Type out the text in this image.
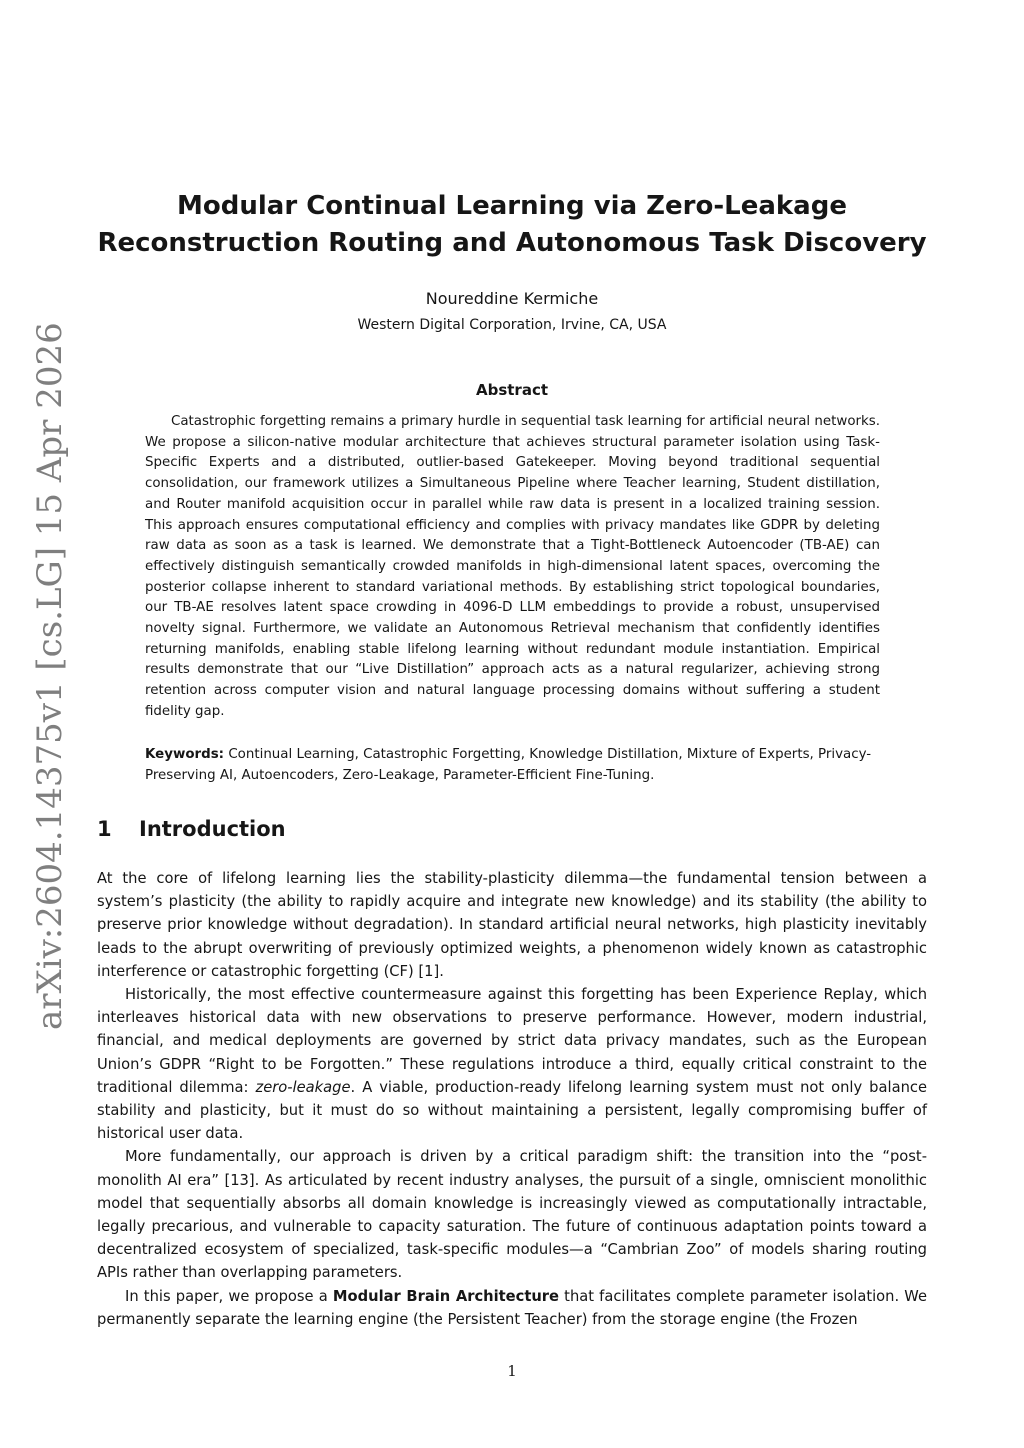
arXiv:2604.14375v1 [cs.LG] 15 Apr 2026
Modular Continual Learning via Zero-Leakage
Reconstruction Routing and Autonomous Task Discovery
Noureddine Kermiche
Western Digital Corporation, Irvine, CA, USA
Abstract

Catastrophic forgetting remains a primary hurdle in sequential task learning for artificial neural networks. We propose a silicon-native modular architecture that achieves structural parameter isolation using Task-Specific Experts and a distributed, outlier-based Gatekeeper. Moving beyond traditional sequential consolidation, our framework utilizes a Simultaneous Pipeline where Teacher learning, Student distillation, and Router manifold acquisition occur in parallel while raw data is present in a localized training session. This approach ensures computational efficiency and complies with privacy mandates like GDPR by deleting raw data as soon as a task is learned. We demonstrate that a Tight-Bottleneck Autoencoder (TB-AE) can effectively distinguish semantically crowded manifolds in high-dimensional latent spaces, overcoming the posterior collapse inherent to standard variational methods. By establishing strict topological boundaries, our TB-AE resolves latent space crowding in 4096-D LLM embeddings to provide a robust, unsupervised novelty signal. Furthermore, we validate an Autonomous Retrieval mechanism that confidently identifies returning manifolds, enabling stable lifelong learning without redundant module instantiation. Empirical results demonstrate that our “Live Distillation” approach acts as a natural regularizer, achieving strong retention across computer vision and natural language processing domains without suffering a student fidelity gap.

Keywords: Continual Learning, Catastrophic Forgetting, Knowledge Distillation, Mixture of Experts, Privacy-Preserving AI, Autoencoders, Zero-Leakage, Parameter-Efficient Fine-Tuning.

1 Introduction

At the core of lifelong learning lies the stability-plasticity dilemma—the fundamental tension between a system’s plasticity (the ability to rapidly acquire and integrate new knowledge) and its stability (the ability to preserve prior knowledge without degradation). In standard artificial neural networks, high plasticity inevitably leads to the abrupt overwriting of previously optimized weights, a phenomenon widely known as catastrophic interference or catastrophic forgetting (CF) [1].

Historically, the most effective countermeasure against this forgetting has been Experience Replay, which interleaves historical data with new observations to preserve performance. However, modern industrial, financial, and medical deployments are governed by strict data privacy mandates, such as the European Union’s GDPR “Right to be Forgotten.” These regulations introduce a third, equally critical constraint to the traditional dilemma: zero-leakage. A viable, production-ready lifelong learning system must not only balance stability and plasticity, but it must do so without maintaining a persistent, legally compromising buffer of historical user data.

More fundamentally, our approach is driven by a critical paradigm shift: the transition into the “post-monolith AI era” [13]. As articulated by recent industry analyses, the pursuit of a single, omniscient monolithic model that sequentially absorbs all domain knowledge is increasingly viewed as computationally intractable, legally precarious, and vulnerable to capacity saturation. The future of continuous adaptation points toward a decentralized ecosystem of specialized, task-specific modules—a “Cambrian Zoo” of models sharing routing APIs rather than overlapping parameters.

In this paper, we propose a Modular Brain Architecture that facilitates complete parameter isolation. We permanently separate the learning engine (the Persistent Teacher) from the storage engine (the Frozen

1
